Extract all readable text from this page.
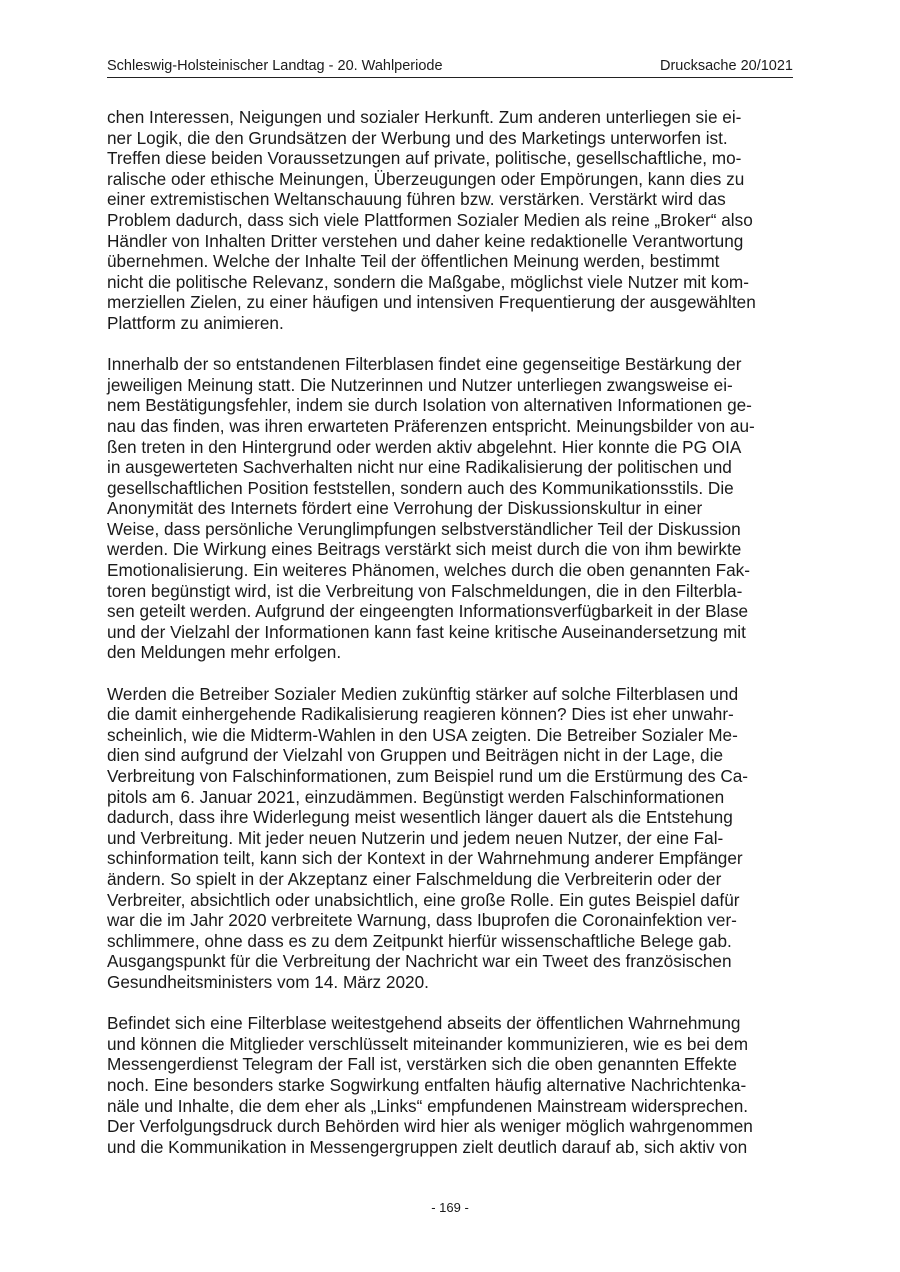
Schleswig-Holsteinischer Landtag - 20. Wahlperiode	Drucksache 20/1021
chen Interessen, Neigungen und sozialer Herkunft. Zum anderen unterliegen sie ei-
ner Logik, die den Grundsätzen der Werbung und des Marketings unterworfen ist.
Treffen diese beiden Voraussetzungen auf private, politische, gesellschaftliche, mo-
ralische oder ethische Meinungen, Überzeugungen oder Empörungen, kann dies zu
einer extremistischen Weltanschauung führen bzw. verstärken. Verstärkt wird das
Problem dadurch, dass sich viele Plattformen Sozialer Medien als reine „Broker“ also
Händler von Inhalten Dritter verstehen und daher keine redaktionelle Verantwortung
übernehmen. Welche der Inhalte Teil der öffentlichen Meinung werden, bestimmt
nicht die politische Relevanz, sondern die Maßgabe, möglichst viele Nutzer mit kom-
merziellen Zielen, zu einer häufigen und intensiven Frequentierung der ausgewählten
Plattform zu animieren.
Innerhalb der so entstandenen Filterblasen findet eine gegenseitige Bestärkung der
jeweiligen Meinung statt. Die Nutzerinnen und Nutzer unterliegen zwangsweise ei-
nem Bestätigungsfehler, indem sie durch Isolation von alternativen Informationen ge-
nau das finden, was ihren erwarteten Präferenzen entspricht. Meinungsbilder von au-
ßen treten in den Hintergrund oder werden aktiv abgelehnt. Hier konnte die PG OIA
in ausgewerteten Sachverhalten nicht nur eine Radikalisierung der politischen und
gesellschaftlichen Position feststellen, sondern auch des Kommunikationsstils. Die
Anonymität des Internets fördert eine Verrohung der Diskussionskultur in einer
Weise, dass persönliche Verunglimpfungen selbstverständlicher Teil der Diskussion
werden. Die Wirkung eines Beitrags verstärkt sich meist durch die von ihm bewirkte
Emotionalisierung. Ein weiteres Phänomen, welches durch die oben genannten Fak-
toren begünstigt wird, ist die Verbreitung von Falschmeldungen, die in den Filterbla-
sen geteilt werden. Aufgrund der eingeengten Informationsverfügbarkeit in der Blase
und der Vielzahl der Informationen kann fast keine kritische Auseinandersetzung mit
den Meldungen mehr erfolgen.
Werden die Betreiber Sozialer Medien zukünftig stärker auf solche Filterblasen und
die damit einhergehende Radikalisierung reagieren können? Dies ist eher unwahr-
scheinlich, wie die Midterm-Wahlen in den USA zeigten. Die Betreiber Sozialer Me-
dien sind aufgrund der Vielzahl von Gruppen und Beiträgen nicht in der Lage, die
Verbreitung von Falschinformationen, zum Beispiel rund um die Erstürmung des Ca-
pitols am 6. Januar 2021, einzudämmen. Begünstigt werden Falschinformationen
dadurch, dass ihre Widerlegung meist wesentlich länger dauert als die Entstehung
und Verbreitung. Mit jeder neuen Nutzerin und jedem neuen Nutzer, der eine Fal-
schinformation teilt, kann sich der Kontext in der Wahrnehmung anderer Empfänger
ändern. So spielt in der Akzeptanz einer Falschmeldung die Verbreiterin oder der
Verbreiter, absichtlich oder unabsichtlich, eine große Rolle. Ein gutes Beispiel dafür
war die im Jahr 2020 verbreitete Warnung, dass Ibuprofen die Coronainfektion ver-
schlimmere, ohne dass es zu dem Zeitpunkt hierfür wissenschaftliche Belege gab.
Ausgangspunkt für die Verbreitung der Nachricht war ein Tweet des französischen
Gesundheitsministers vom 14. März 2020.
Befindet sich eine Filterblase weitestgehend abseits der öffentlichen Wahrnehmung
und können die Mitglieder verschlüsselt miteinander kommunizieren, wie es bei dem
Messengerdienst Telegram der Fall ist, verstärken sich die oben genannten Effekte
noch. Eine besonders starke Sogwirkung entfalten häufig alternative Nachrichtenka-
näle und Inhalte, die dem eher als „Links“ empfundenen Mainstream widersprechen.
Der Verfolgungsdruck durch Behörden wird hier als weniger möglich wahrgenommen
und die Kommunikation in Messengergruppen zielt deutlich darauf ab, sich aktiv von
- 169 -
